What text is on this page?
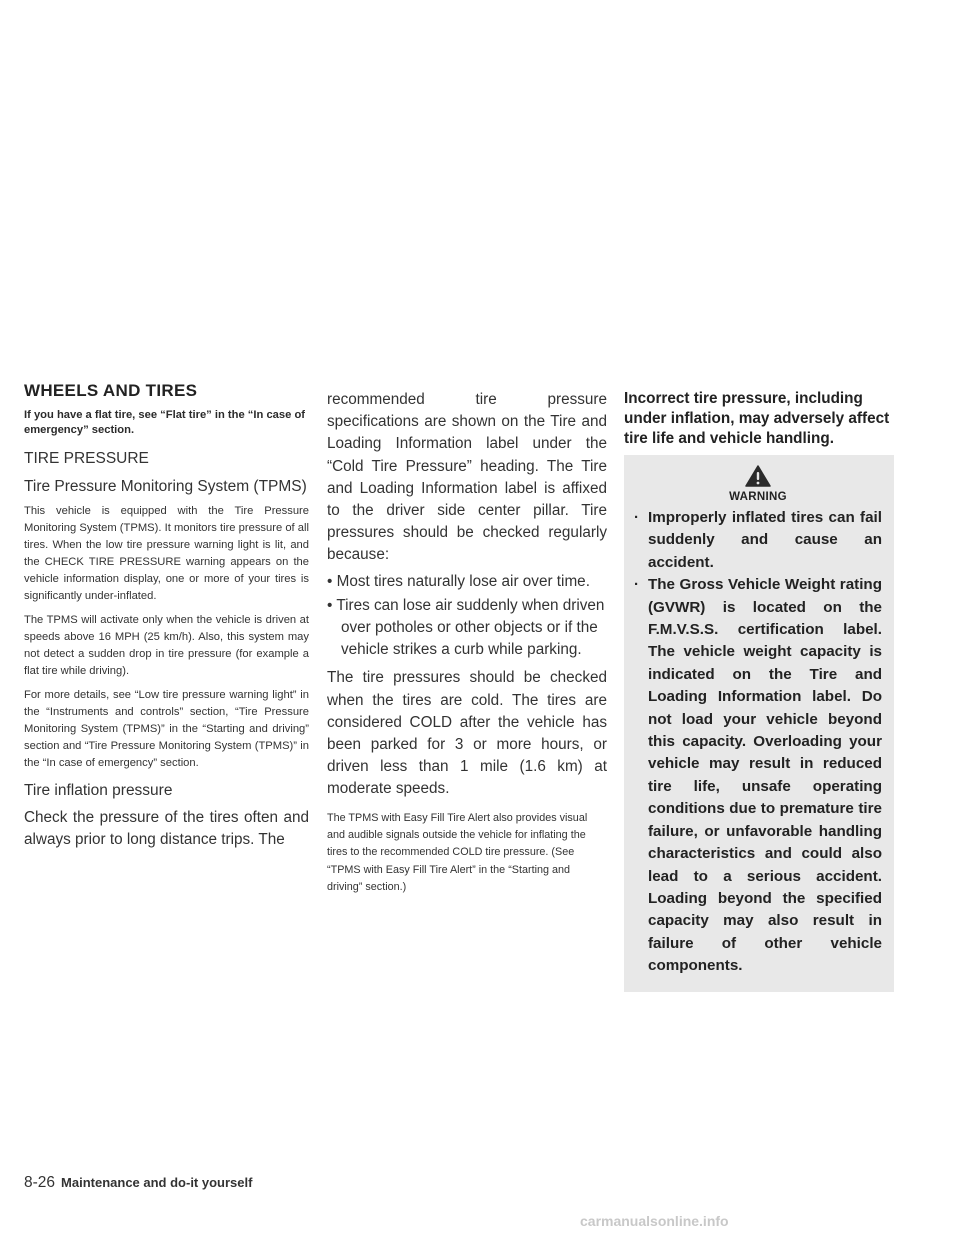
WHEELS AND TIRES

If you have a flat tire, see “Flat tire” in the “In case of emergency” section.

TIRE PRESSURE
Tire Pressure Monitoring System (TPMS)

This vehicle is equipped with the Tire Pressure Monitoring System (TPMS). It monitors tire pressure of all tires. When the low tire pressure warning light is lit, and the CHECK TIRE PRESSURE warning appears on the vehicle information display, one or more of your tires is significantly under-inflated.

The TPMS will activate only when the vehicle is driven at speeds above 16 MPH (25 km/h). Also, this system may not detect a sudden drop in tire pressure (for example a flat tire while driving).

For more details, see “Low tire pressure warning light” in the “Instruments and controls” section, “Tire Pressure Monitoring System (TPMS)” in the “Starting and driving” section and “Tire Pressure Monitoring System (TPMS)” in the “In case of emergency” section.

Tire inflation pressure

Check the pressure of the tires often and always prior to long distance trips. The

recommended tire pressure specifications are shown on the Tire and Loading Information label under the “Cold Tire Pressure” heading. The Tire and Loading Information label is affixed to the driver side center pillar. Tire pressures should be checked regularly because:

• Most tires naturally lose air over time.
• Tires can lose air suddenly when driven over potholes or other objects or if the vehicle strikes a curb while parking.

The tire pressures should be checked when the tires are cold. The tires are considered COLD after the vehicle has been parked for 3 or more hours, or driven less than 1 mile (1.6 km) at moderate speeds.

The TPMS with Easy Fill Tire Alert also provides visual and audible signals outside the vehicle for inflating the tires to the recommended COLD tire pressure. (See “TPMS with Easy Fill Tire Alert” in the “Starting and driving” section.)

Incorrect tire pressure, including under inflation, may adversely affect tire life and vehicle handling.

WARNING
· Improperly inflated tires can fail suddenly and cause an accident.
· The Gross Vehicle Weight rating (GVWR) is located on the F.M.V.S.S. certification label. The vehicle weight capacity is indicated on the Tire and Loading Information label. Do not load your vehicle beyond this capacity. Overloading your vehicle may result in reduced tire life, unsafe operating conditions due to premature tire failure, or unfavorable handling characteristics and could also lead to a serious accident. Loading beyond the specified capacity may also result in failure of other vehicle components.
8-26 Maintenance and do-it yourself
carmanualsonline.info
